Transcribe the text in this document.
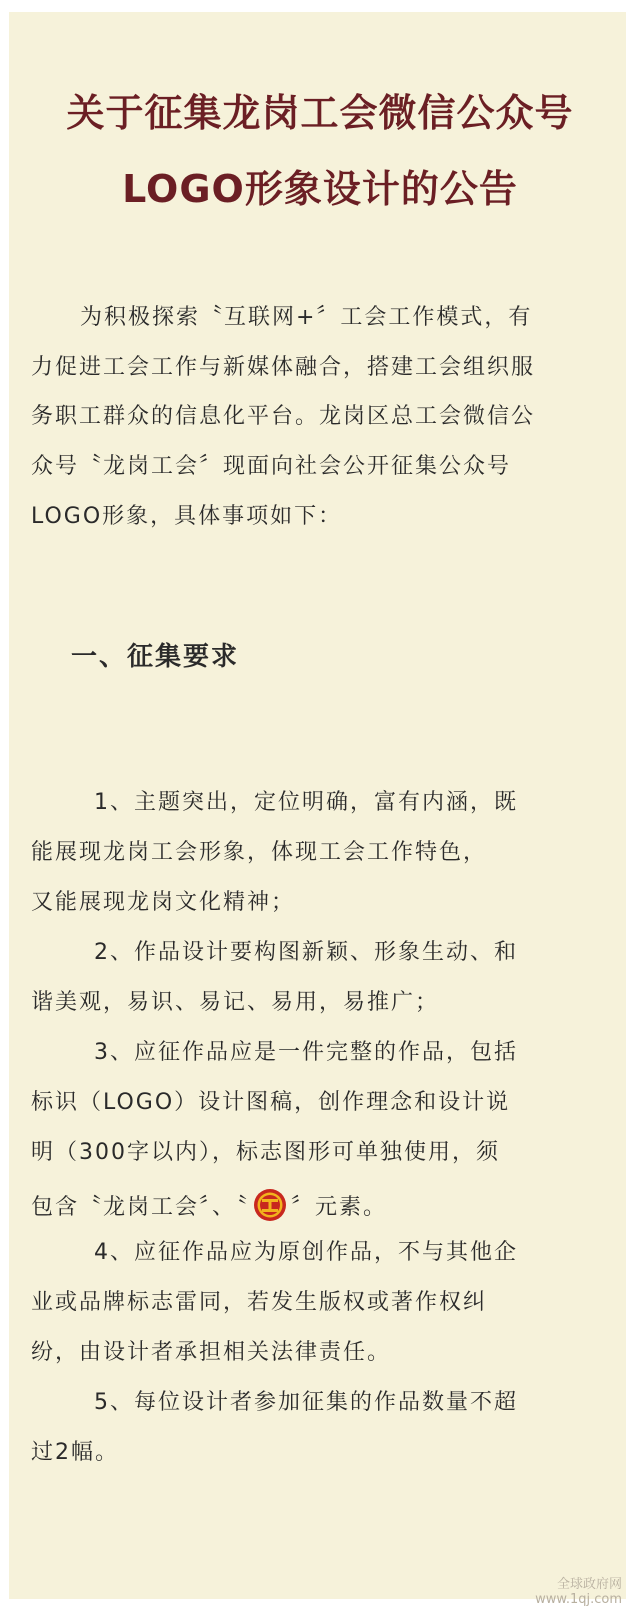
关于征集龙岗工会微信公众号
LOGO形象设计的公告

为积极探索〝互联网+〞工会工作模式，有

力促进工会工作与新媒体融合，搭建工会组织服

务职工群众的信息化平台。龙岗区总工会微信公

众号〝龙岗工会〞现面向社会公开征集公众号

LOGO形象，具体事项如下：

一、征集要求

1、主题突出，定位明确，富有内涵，既

能展现龙岗工会形象，体现工会工作特色，

又能展现龙岗文化精神；

2、作品设计要构图新颖、形象生动、和

谐美观，易识、易记、易用，易推广；

3、应征作品应是一件完整的作品，包括

标识（LOGO）设计图稿，创作理念和设计说

明（300字以内），标志图形可单独使用，须

包含〝龙岗工会〞、〝 〞元素。

4、应征作品应为原创作品，不与其他企

业或品牌标志雷同，若发生版权或著作权纠

纷，由设计者承担相关法律责任。

5、每位设计者参加征集的作品数量不超

过2幅。

全球政府网
www.1qj.com
